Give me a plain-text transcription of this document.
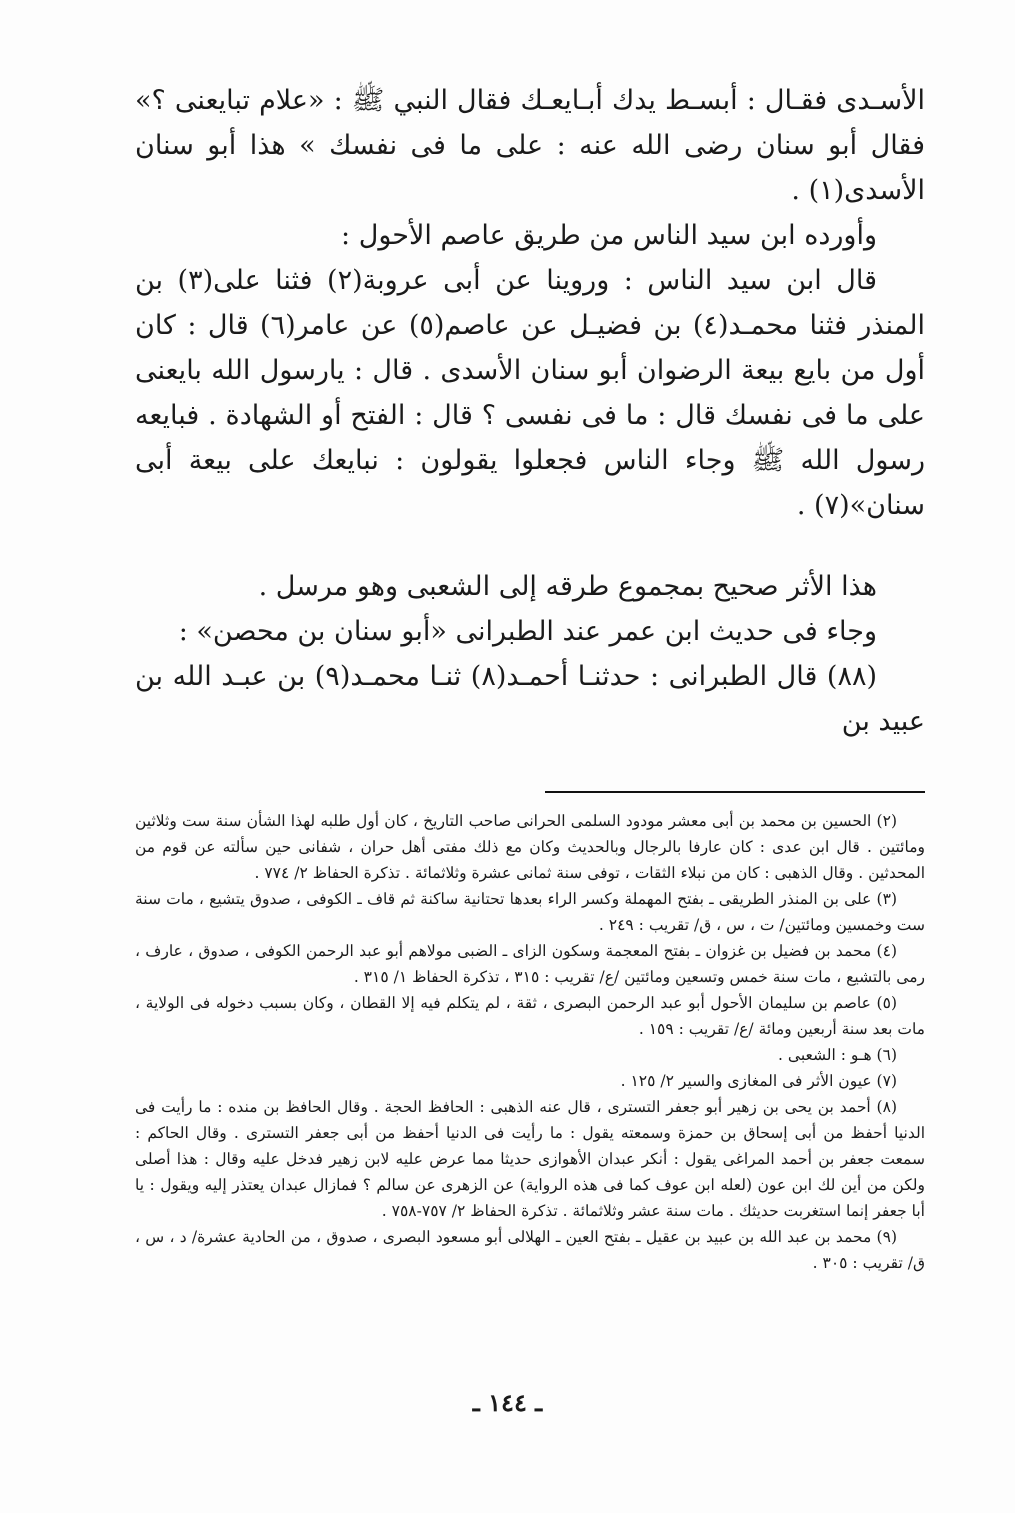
الأسـدى فقـال : أبسـط يدك أبـايعـك فقال النبي ﷺ : «علام تبايعنى ؟» فقال أبو سنان رضى الله عنه : على ما فى نفسك » هذا أبو سنان الأسدى(١) .

وأورده ابن سيد الناس من طريق عاصم الأحول :

قال ابن سيد الناس : وروينا عن أبى عروبة(٢) فثنا على(٣) بن المنذر فثنا محمـد(٤) بن فضيـل عن عاصم(٥) عن عامر(٦) قال : كان أول من بايع بيعة الرضوان أبو سنان الأسدى . قال : يارسول الله بايعنى على ما فى نفسك قال : ما فى نفسى ؟ قال : الفتح أو الشهادة . فبايعه رسول الله ﷺ وجاء الناس فجعلوا يقولون : نبايعك على بيعة أبى سنان»(٧) .

هذا الأثر صحيح بمجموع طرقه إلى الشعبى وهو مرسل .

وجاء فى حديث ابن عمر عند الطبرانى «أبو سنان بن محصن» :

(٨٨) قال الطبرانى : حدثنـا أحمـد(٨) ثنـا محمـد(٩) بن عبـد الله بن عبيد بن

(٢) الحسين بن محمد بن أبى معشر مودود السلمى الحرانى صاحب التاريخ ، كان أول طلبه لهذا الشأن سنة ست وثلاثين ومائتين . قال ابن عدى : كان عارفا بالرجال وبالحديث وكان مع ذلك مفتى أهل حران ، شفانى حين سألته عن قوم من المحدثين . وقال الذهبى : كان من نبلاء الثقات ، توفى سنة ثمانى عشرة وثلاثمائة . تذكرة الحفاظ ٢/ ٧٧٤ .

(٣) على بن المنذر الطريقى ـ بفتح المهملة وكسر الراء بعدها تحتانية ساكنة ثم قاف ـ الكوفى ، صدوق يتشيع ، مات سنة ست وخمسين ومائتين/ ت ، س ، ق/ تقريب : ٢٤٩ .

(٤) محمد بن فضيل بن غزوان ـ بفتح المعجمة وسكون الزاى ـ الضبى مولاهم أبو عبد الرحمن الكوفى ، صدوق ، عارف ، رمى بالتشيع ، مات سنة خمس وتسعين ومائتين /ع/ تقريب : ٣١٥ ، تذكرة الحفاظ ١/ ٣١٥ .

(٥) عاصم بن سليمان الأحول أبو عبد الرحمن البصرى ، ثقة ، لم يتكلم فيه إلا القطان ، وكان بسبب دخوله فى الولاية ، مات بعد سنة أربعين ومائة /ع/ تقريب : ١٥٩ .

(٦) هـو : الشعبى .

(٧) عيون الأثر فى المغازى والسير ٢/ ١٢٥ .

(٨) أحمد بن يحى بن زهير أبو جعفر التسترى ، قال عنه الذهبى : الحافظ الحجة . وقال الحافظ بن منده : ما رأيت فى الدنيا أحفظ من أبى إسحاق بن حمزة وسمعته يقول : ما رأيت فى الدنيا أحفظ من أبى جعفر التسترى . وقال الحاكم : سمعت جعفر بن أحمد المراغى يقول : أنكر عبدان الأهوازى حديثا مما عرض عليه لابن زهير فدخل عليه وقال : هذا أصلى ولكن من أين لك ابن عون (لعله ابن عوف كما فى هذه الرواية) عن الزهرى عن سالم ؟ فمازال عبدان يعتذر إليه ويقول : يا أبا جعفر إنما استغربت حديثك . مات سنة عشر وثلاثمائة . تذكرة الحفاظ ٢/ ٧٥٧-٧٥٨ .

(٩) محمد بن عبد الله بن عبيد بن عقيل ـ بفتح العين ـ الهلالى أبو مسعود البصرى ، صدوق ، من الحادية عشرة/ د ، س ، ق/ تقريب : ٣٠٥ .

ـ ١٤٤ ـ
